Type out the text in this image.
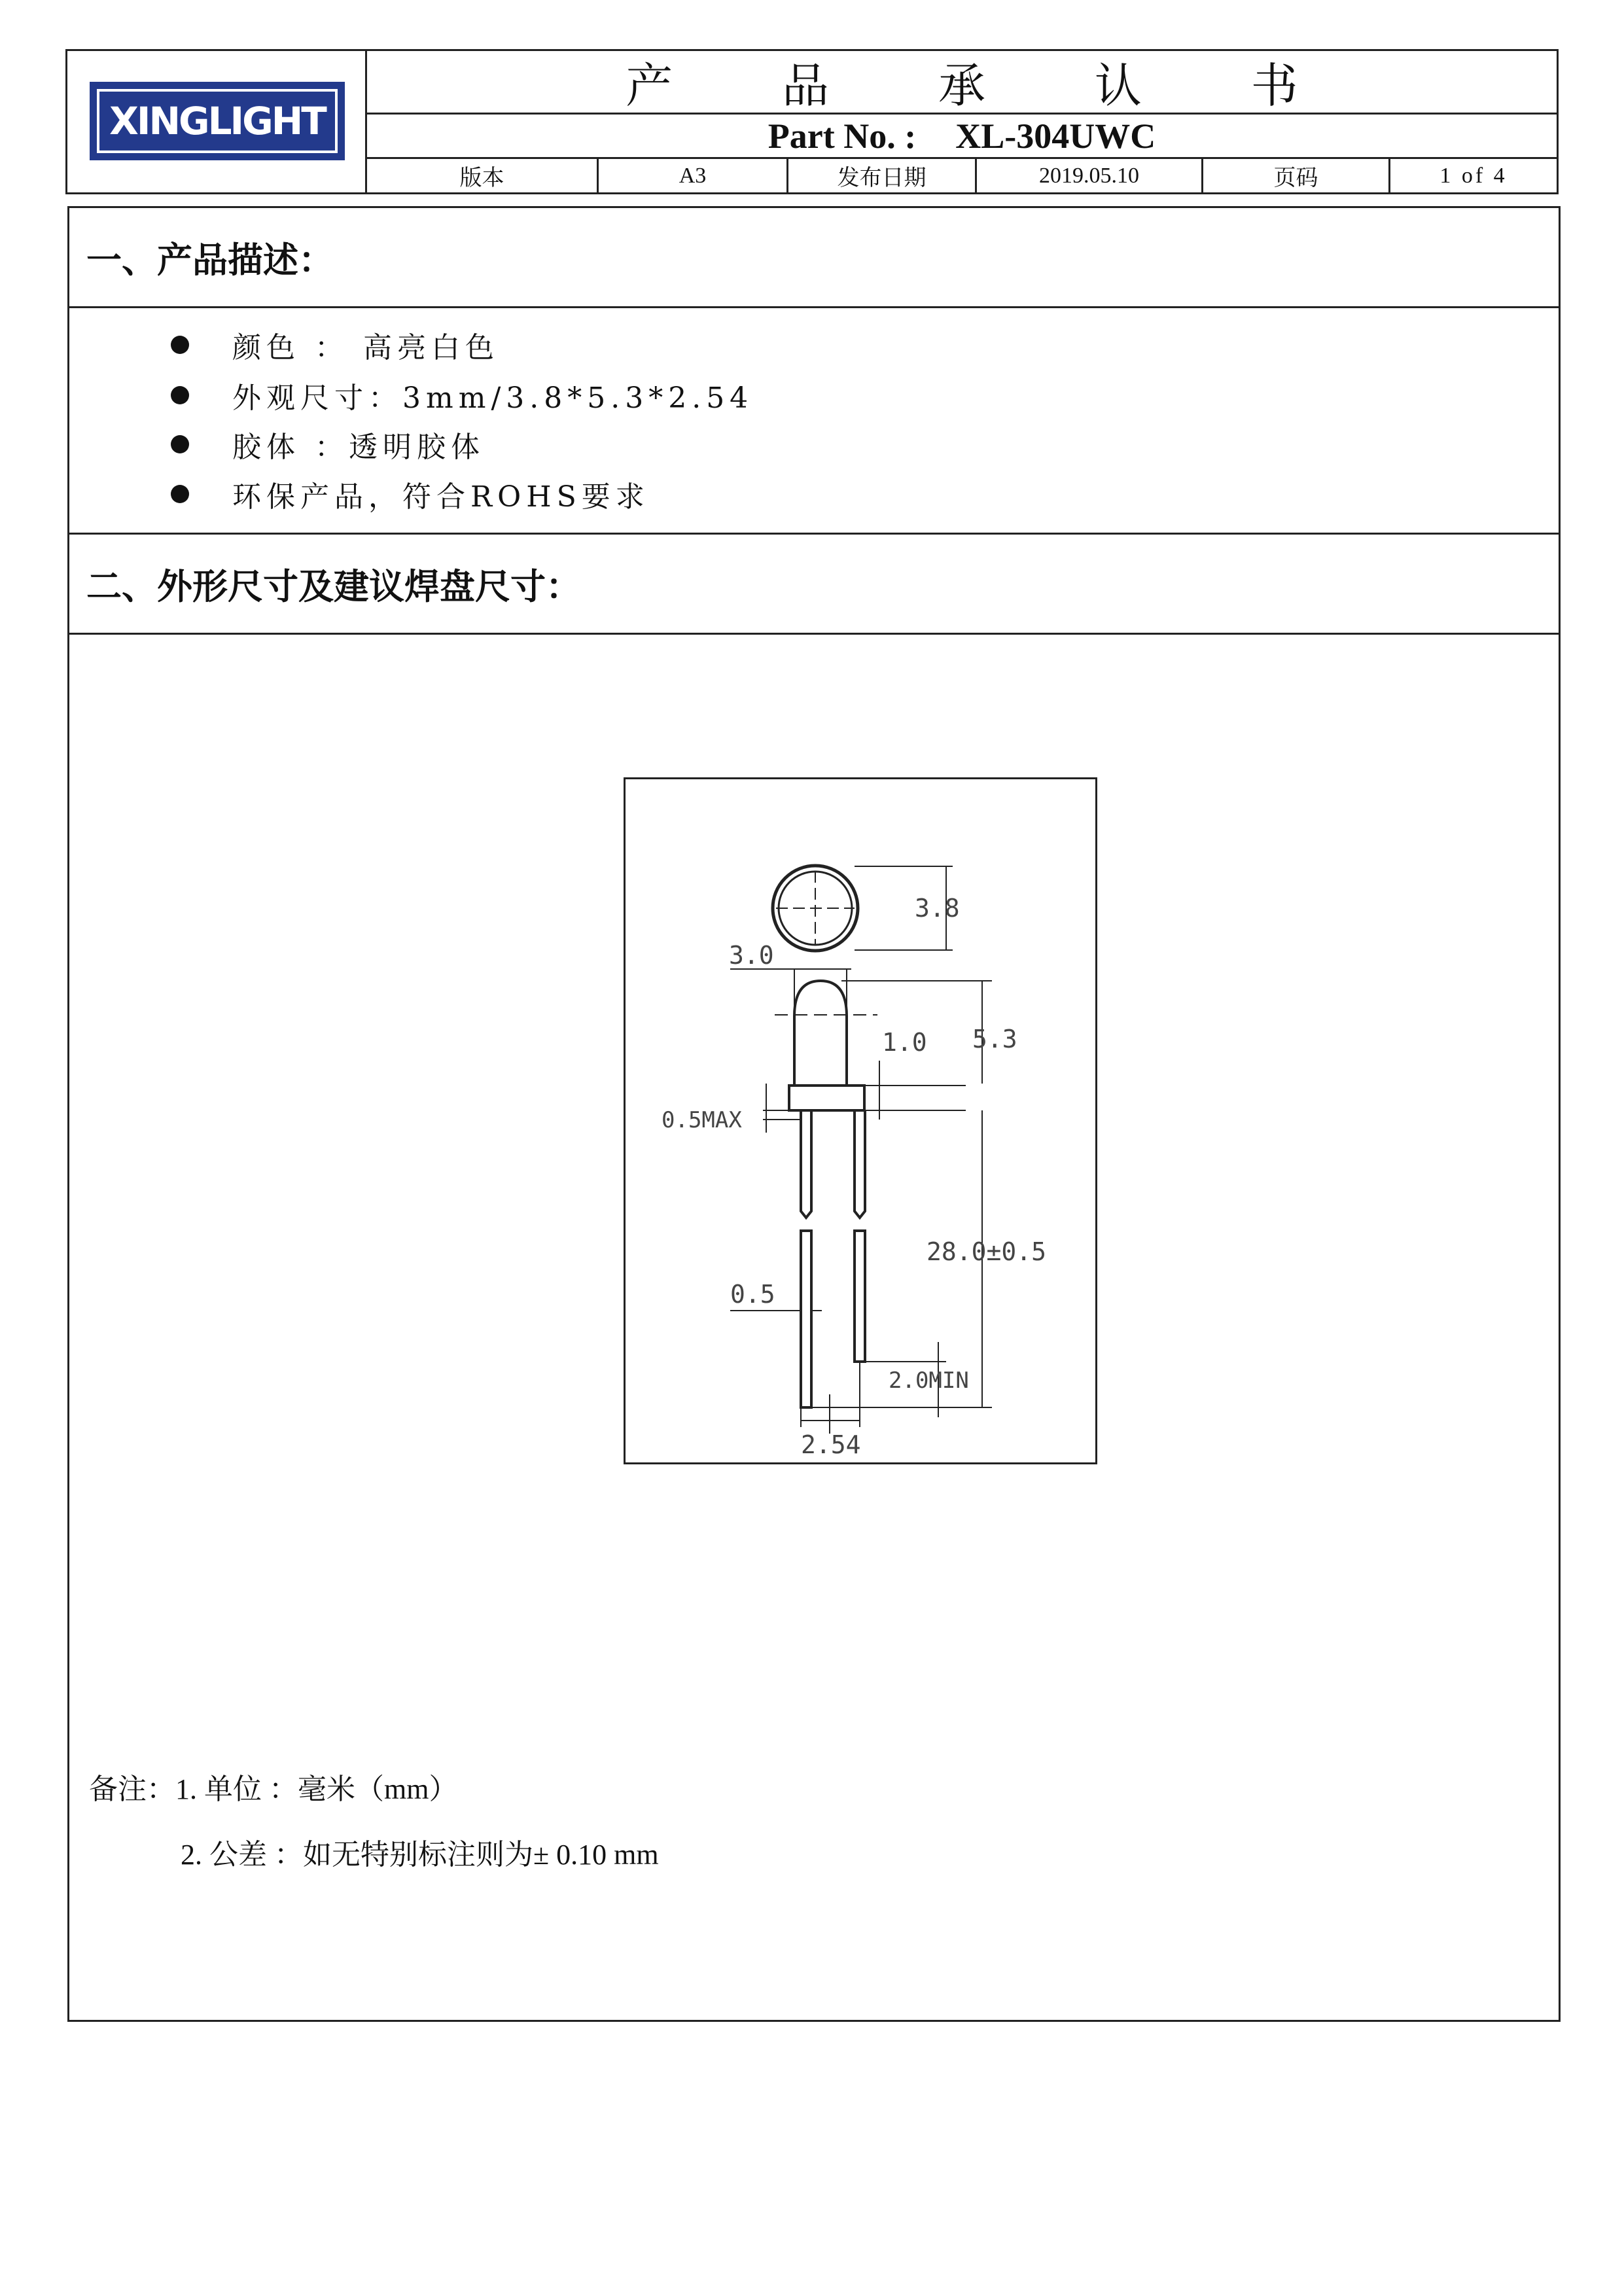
XINGLIGHT
产 品 承 认 书
Part No. : XL-304UWC
版本	A3	发布日期	2019.05.10	页码	1 of 4
一、产品描述：
颜色 ： 高亮白色
外观尺寸：3mm/3.8*5.3*2.54
胶体 ：透明胶体
环保产品，符合ROHS要求
二、外形尺寸及建议焊盘尺寸：
3.8
3.0
1.0 5.3
0.5MAX
28.0±0.5
0.5
2.0MIN
2.54
备注：1. 单位 ：毫米（mm）
2. 公差 ：如无特别标注则为± 0.10 mm
